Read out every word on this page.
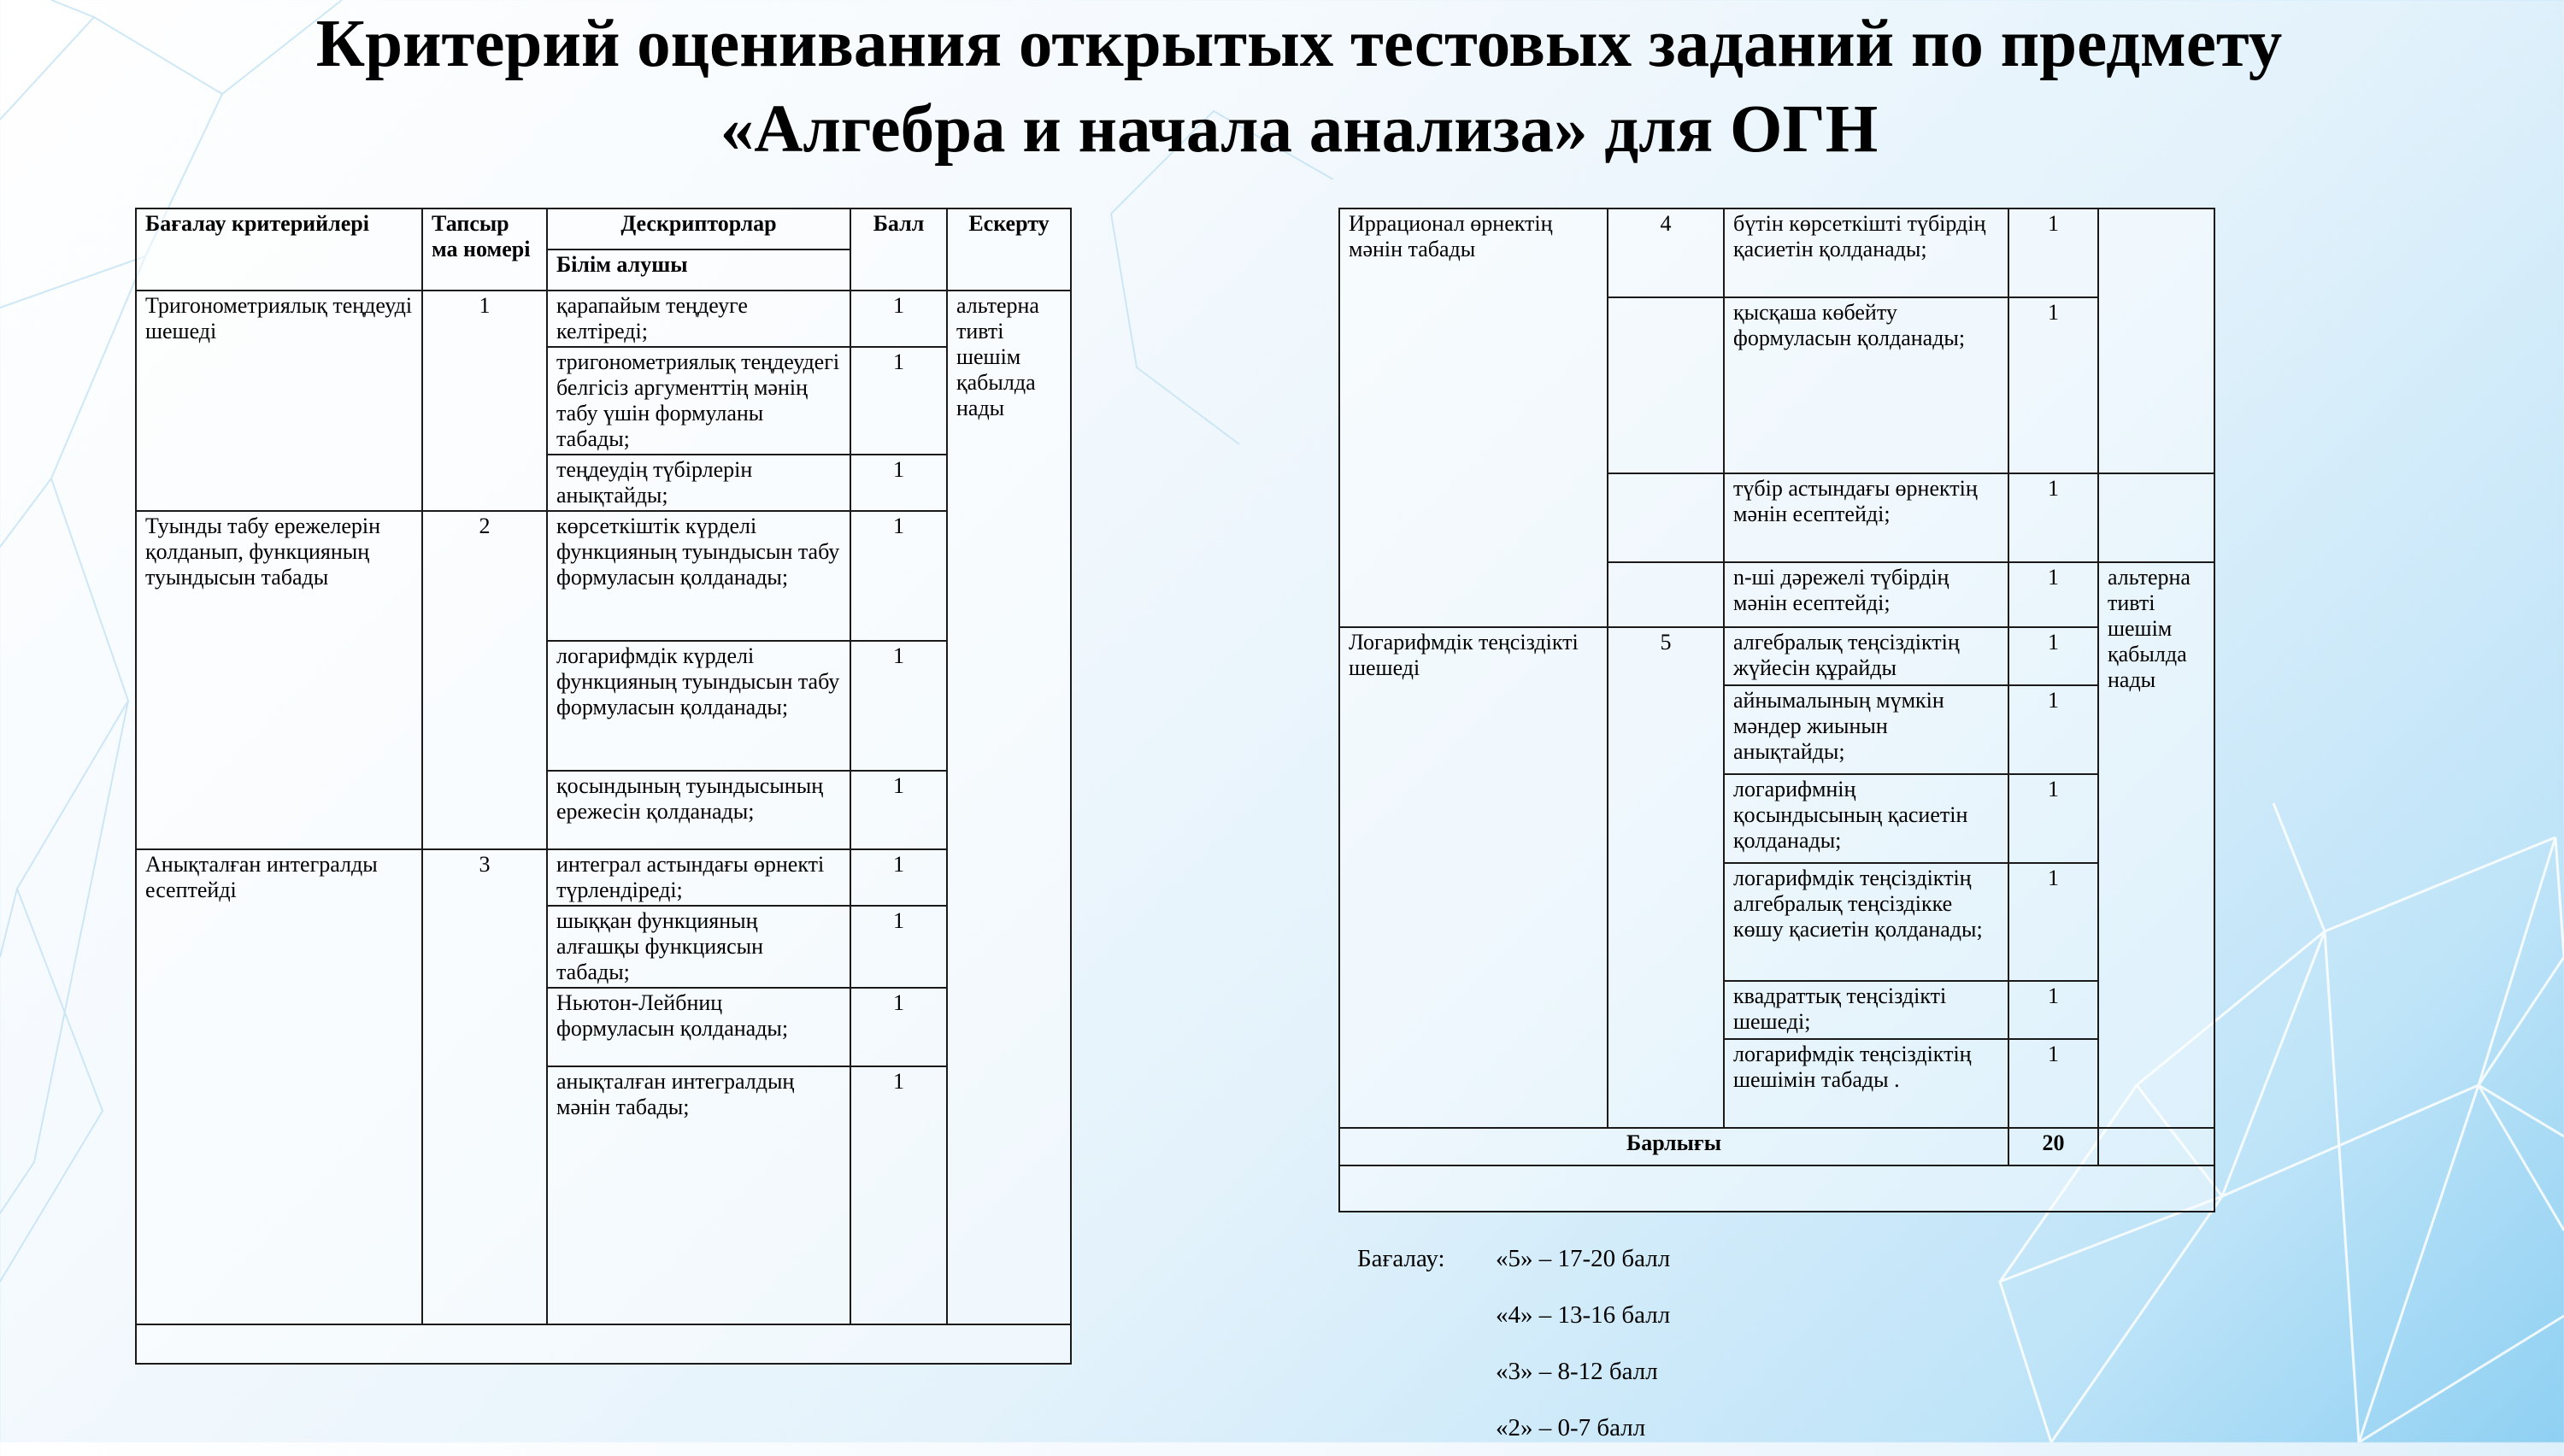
Критерий оценивания открытых тестовых заданий по предмету
«Алгебра и начала анализа» для ОГН
Бағалау критерийлері	Тапсыр ма номері	Дескрипторлар	Балл	Ескерту
		Білім алушы		
Тригонометриялық теңдеуді шешеді	1	қарапайым теңдеуге келтіреді;	1	альтерна тивті шешім қабылда нады
		тригонометриялық теңдеудегі белгісіз аргументтің мәнің табу үшін формуланы табады;	1	
		теңдеудің түбірлерін анықтайды;	1	
Туынды табу ережелерін қолданып, функцияның туындысын табады	2	көрсеткіштік күрделі функцияның туындысын табу формуласын қолданады;	1	
		логарифмдік күрделі функцияның туындысын табу формуласын қолданады;	1	
		қосындының туындысының ережесін қолданады;	1	
Анықталған интегралды есептейді	3	интеграл астындағы өрнекті түрлендіреді;	1	
		шыққан функцияның алғашқы функциясын табады;	1	
		Ньютон-Лейбниц формуласын қолданады;	1	
		анықталған интегралдың мәнін табады;	1	

Иррационал өрнектің мәнін табады	4	бүтін көрсеткішті түбірдің қасиетін қолданады;	1	
		қысқаша көбейту формуласын қолданады;	1	
		түбір астындағы өрнектің мәнін есептейді;	1	
		n-ші дәрежелі түбірдің мәнін есептейді;	1	альтерна тивті шешім қабылда нады
Логарифмдік теңсіздікті шешеді	5	алгебралық теңсіздіктің жүйесін құрайды	1	
		айнымалының мүмкін мәндер жиынын анықтайды;	1	
		логарифмнің қосындысының қасиетін қолданады;	1	
		логарифмдік теңсіздіктің алгебралық теңсіздікке көшу қасиетін қолданады;	1	
		квадраттық теңсіздікті шешеді;	1	
		логарифмдік теңсіздіктің шешімін табады .	1	
Барлығы			20	

Бағалау: «5» – 17-20 балл
«4» – 13-16 балл
«3» – 8-12 балл
«2» – 0-7 балл
